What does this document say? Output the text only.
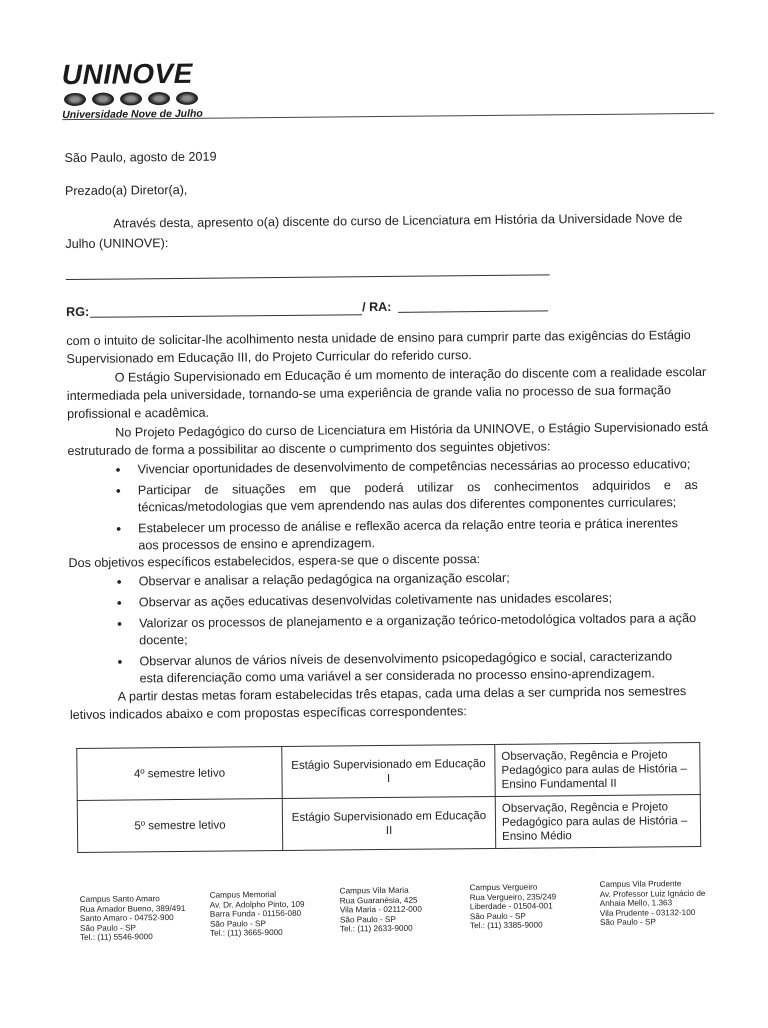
UNINOVE
Universidade Nove de Julho
São Paulo, agosto de 2019
Prezado(a) Diretor(a),
Através desta, apresento o(a) discente do curso de Licenciatura em História da Universidade Nove de
Julho (UNINOVE):
RG:	/ RA:
com o intuito de solicitar-lhe acolhimento nesta unidade de ensino para cumprir parte das exigências do Estágio
Supervisionado em Educação III, do Projeto Curricular do referido curso.
O Estágio Supervisionado em Educação é um momento de interação do discente com a realidade escolar
intermediada pela universidade, tornando-se uma experiência de grande valia no processo de sua formação
profissional e acadêmica.
No Projeto Pedagógico do curso de Licenciatura em História da UNINOVE, o Estágio Supervisionado está
estruturado de forma a possibilitar ao discente o cumprimento dos seguintes objetivos:
• Vivenciar oportunidades de desenvolvimento de competências necessárias ao processo educativo;
• Participar de situações em que poderá utilizar os conhecimentos adquiridos e as técnicas/metodologias que vem aprendendo nas aulas dos diferentes componentes curriculares;
• Estabelecer um processo de análise e reflexão acerca da relação entre teoria e prática inerentes aos processos de ensino e aprendizagem.
Dos objetivos específicos estabelecidos, espera-se que o discente possa:
• Observar e analisar a relação pedagógica na organização escolar;
• Observar as ações educativas desenvolvidas coletivamente nas unidades escolares;
• Valorizar os processos de planejamento e a organização teórico-metodológica voltados para a ação docente;
• Observar alunos de vários níveis de desenvolvimento psicopedagógico e social, caracterizando esta diferenciação como uma variável a ser considerada no processo ensino-aprendizagem.
A partir destas metas foram estabelecidas três etapas, cada uma delas a ser cumprida nos semestres
letivos indicados abaixo e com propostas específicas correspondentes:
4º semestre letivo	Estágio Supervisionado em Educação I	Observação, Regência e Projeto
Pedagógico para aulas de História –
Ensino Fundamental II

5º semestre letivo	Estágio Supervisionado em Educação II	Observação, Regência e Projeto
Pedagógico para aulas de História –
Ensino Médio
Campus Santo Amaro
Rua Amador Bueno, 389/491
Santo Amaro - 04752-900
São Paulo - SP
Tel.: (11) 5546-9000
Campus Memorial
Av. Dr. Adolpho Pinto, 109
Barra Funda - 01156-080
São Paulo - SP
Tel.: (11) 3665-9000
Campus Vila Maria
Rua Guaranésia, 425
Vila Maria - 02112-000
São Paulo - SP
Tel.: (11) 2633-9000
Campus Vergueiro
Rua Vergueiro, 235/249
Liberdade - 01504-001
São Paulo - SP
Tel.: (11) 3385-9000
Campus Vila Prudente
Av. Professor Luiz Ignácio de
Anhaia Mello, 1.363
Vila Prudente - 03132-100
São Paulo - SP
